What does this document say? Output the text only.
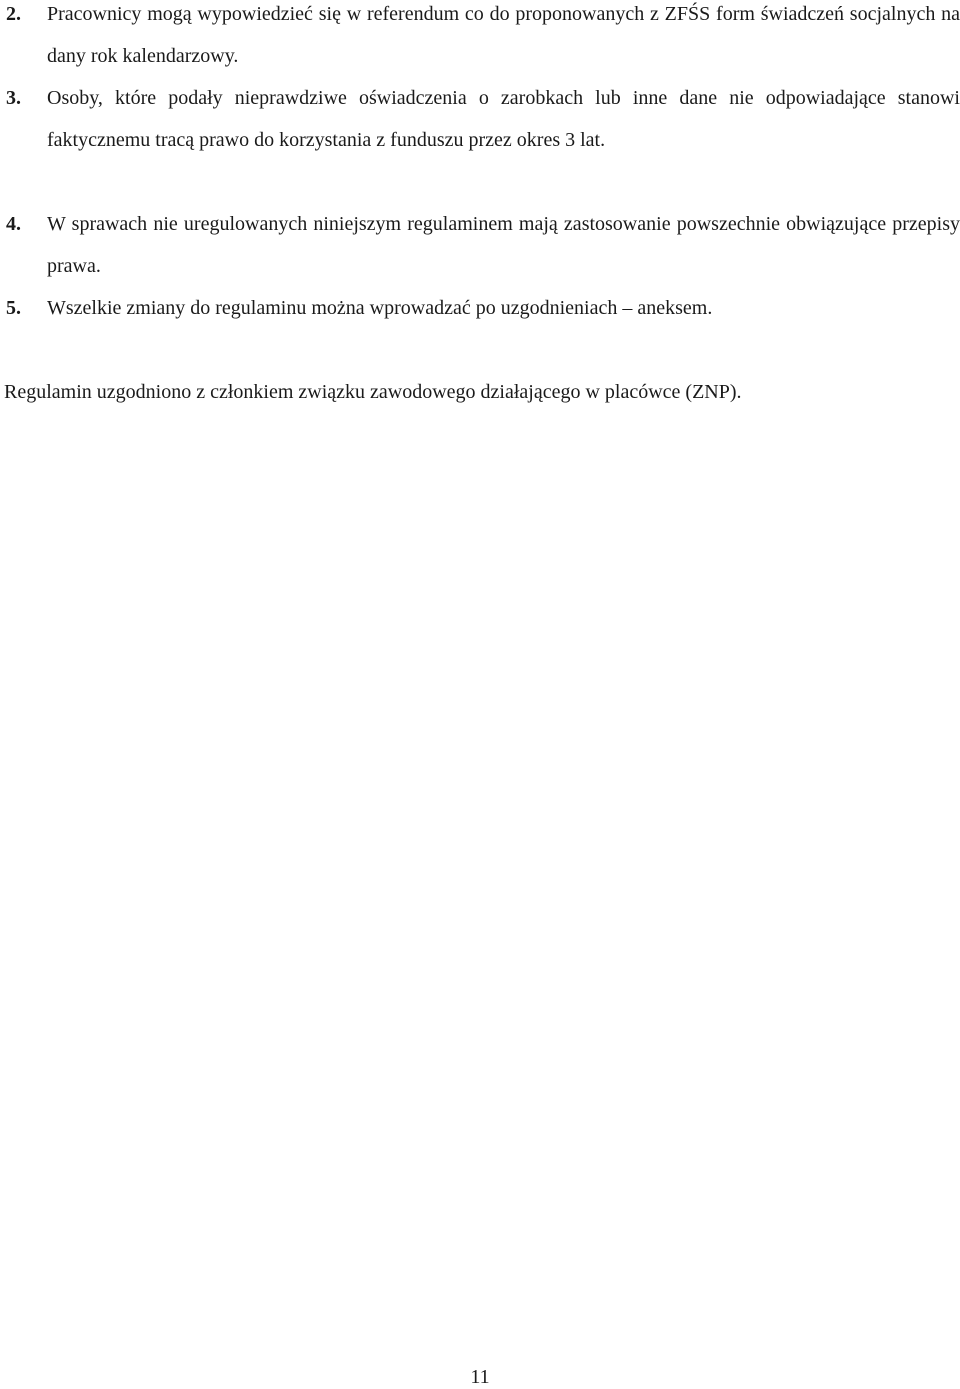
2. Pracownicy mogą wypowiedzieć się w referendum co do proponowanych z ZFŚS form świadczeń socjalnych na dany rok kalendarzowy.
3. Osoby, które podały nieprawdziwe oświadczenia o zarobkach lub inne dane nie odpowiadające stanowi faktycznemu tracą prawo do korzystania z funduszu przez okres 3 lat.
4. W sprawach nie uregulowanych niniejszym regulaminem mają zastosowanie powszechnie obwiązujące przepisy prawa.
5. Wszelkie zmiany do regulaminu można wprowadzać po uzgodnieniach – aneksem.
Regulamin uzgodniono z członkiem związku zawodowego działającego w placówce (ZNP).
11
